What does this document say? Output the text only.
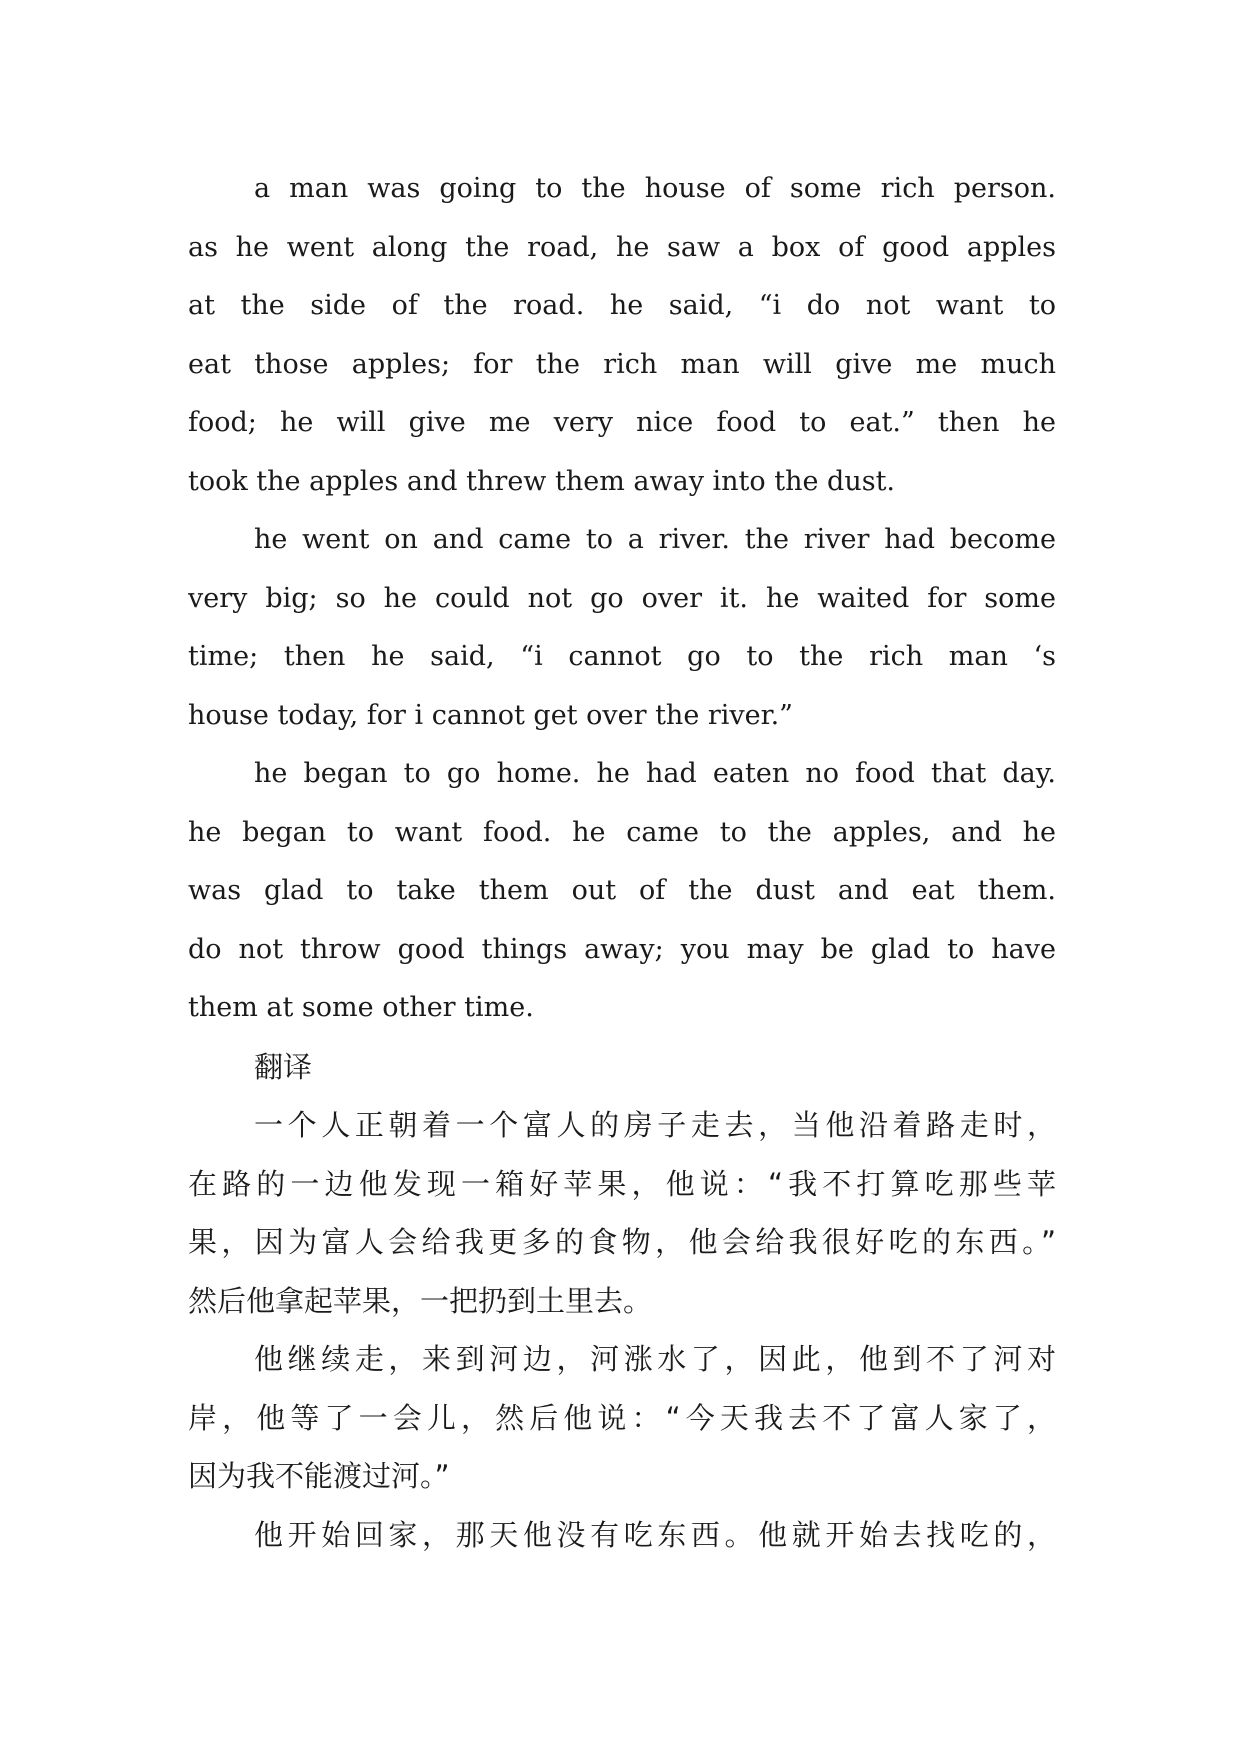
a man was going to the house of some rich person.
as he went along the road, he saw a box of good apples
at the side of the road. he said, “i do not want to
eat those apples; for the rich man will give me much
food; he will give me very nice food to eat.” then he
took the apples and threw them away into the dust.
he went on and came to a river. the river had become
very big; so he could not go over it. he waited for some
time; then he said, “i cannot go to the rich man ‘s
house today, for i cannot get over the river.”
he began to go home. he had eaten no food that day.
he began to want food. he came to the apples, and he
was glad to take them out of the dust and eat them.
do not throw good things away; you may be glad to have
them at some other time.
翻译
一个人正朝着一个富人的房子走去，当他沿着路走时，
在路的一边他发现一箱好苹果，他说：“我不打算吃那些苹
果，因为富人会给我更多的食物，他会给我很好吃的东西。”
然后他拿起苹果，一把扔到土里去。
他继续走，来到河边，河涨水了，因此，他到不了河对
岸，他等了一会儿，然后他说：“今天我去不了富人家了，
因为我不能渡过河。”
他开始回家，那天他没有吃东西。他就开始去找吃的，
